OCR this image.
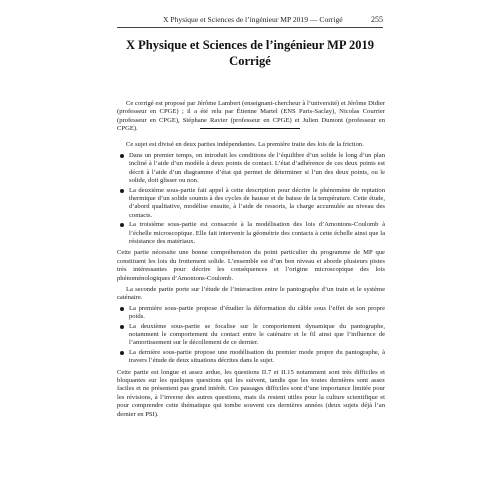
X Physique et Sciences de l’ingénieur MP 2019 — Corrigé	255
X Physique et Sciences de l’ingénieur MP 2019
Corrigé

Ce corrigé est proposé par Jérôme Lambert (enseignant-chercheur à l’université) et Jérôme Didier (professeur en CPGE) ; il a été relu par Étienne Martel (ENS Paris-Saclay), Nicolas Courrier (professeur en CPGE), Stéphane Ravier (professeur en CPGE) et Julien Dumont (professeur en CPGE).

Ce sujet est divisé en deux parties indépendantes. La première traite des lois de la friction.

Dans un premier temps, on introduit les conditions de l’équilibre d’un solide le long d’un plan incliné à l’aide d’un modèle à deux points de contact. L’état d’adhérence de ces deux points est décrit à l’aide d’un diagramme d’état qui permet de déterminer si l’un des deux points, ou le solide, doit glisser ou non.
La deuxième sous-partie fait appel à cette description pour décrire le phénomène de reptation thermique d’un solide soumis à des cycles de hausse et de baisse de la température. Cette étude, d’abord qualitative, modélise ensuite, à l’aide de ressorts, la charge accumulée au niveau des contacts.
La troisième sous-partie est consacrée à la modélisation des lois d’Amontons-Coulomb à l’échelle microscopique. Elle fait intervenir la géométrie des contacts à cette échelle ainsi que la résistance des matériaux.

Cette partie nécessite une bonne compréhension du point particulier du programme de MP que constituent les lois du frottement solide. L’ensemble est d’un bon niveau et aborde plusieurs pistes très intéressantes pour décrire les conséquences et l’origine microscopique des lois phénoménologiques d’Amontons-Coulomb.

La seconde partie porte sur l’étude de l’interaction entre le pantographe d’un train et le système caténaire.

La première sous-partie propose d’étudier la déformation du câble sous l’effet de son propre poids.
La deuxième sous-partie se focalise sur le comportement dynamique du pantographe, notamment le comportement du contact entre le caténaire et le fil ainsi que l’influence de l’amortissement sur le décollement de ce dernier.
La dernière sous-partie propose une modélisation du premier mode propre du pantographe, à travers l’étude de deux situations décrites dans le sujet.

Cette partie est longue et assez ardue, les questions II.7 et II.15 notamment sont très difficiles et bloquantes sur les quelques questions qui les suivent, tandis que les toutes dernières sont assez faciles et ne présentent pas grand intérêt. Ces passages difficiles sont d’une importance limitée pour les révisions, à l’inverse des autres questions, mais ils restent utiles pour la culture scientifique et pour comprendre cette thématique qui tombe souvent ces dernières années (deux sujets déjà l’an dernier en PSI).
